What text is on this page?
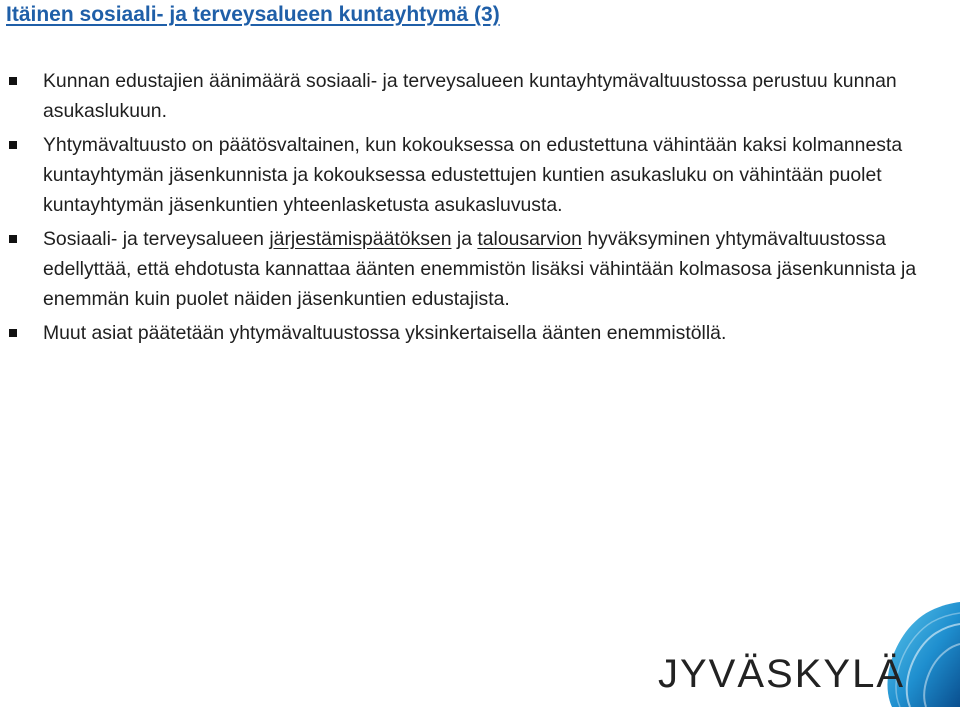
Itäinen sosiaali- ja terveysalueen kuntayhtymä (3)
Kunnan edustajien äänimäärä sosiaali- ja terveysalueen kuntayhtymävaltuustossa perustuu kunnan asukaslukuun.
Yhtymävaltuusto on päätösvaltainen, kun kokouksessa on edustettuna vähintään kaksi kolmannesta kuntayhtymän jäsenkunnista ja kokouksessa edustettujen kuntien asukasluku on vähintään puolet kuntayhtymän jäsenkuntien yhteenlasketusta asukasluvusta.
Sosiaali- ja terveysalueen järjestämispäätöksen ja talousarvion hyväksyminen yhtymävaltuustossa edellyttää, että ehdotusta kannattaa äänten enemmistön lisäksi vähintään kolmasosa jäsenkunnista ja enemmän kuin puolet näiden jäsenkuntien edustajista.
Muut asiat päätetään yhtymävaltuustossa yksinkertaisella äänten enemmistöllä.
JYVÄSKYLÄ
